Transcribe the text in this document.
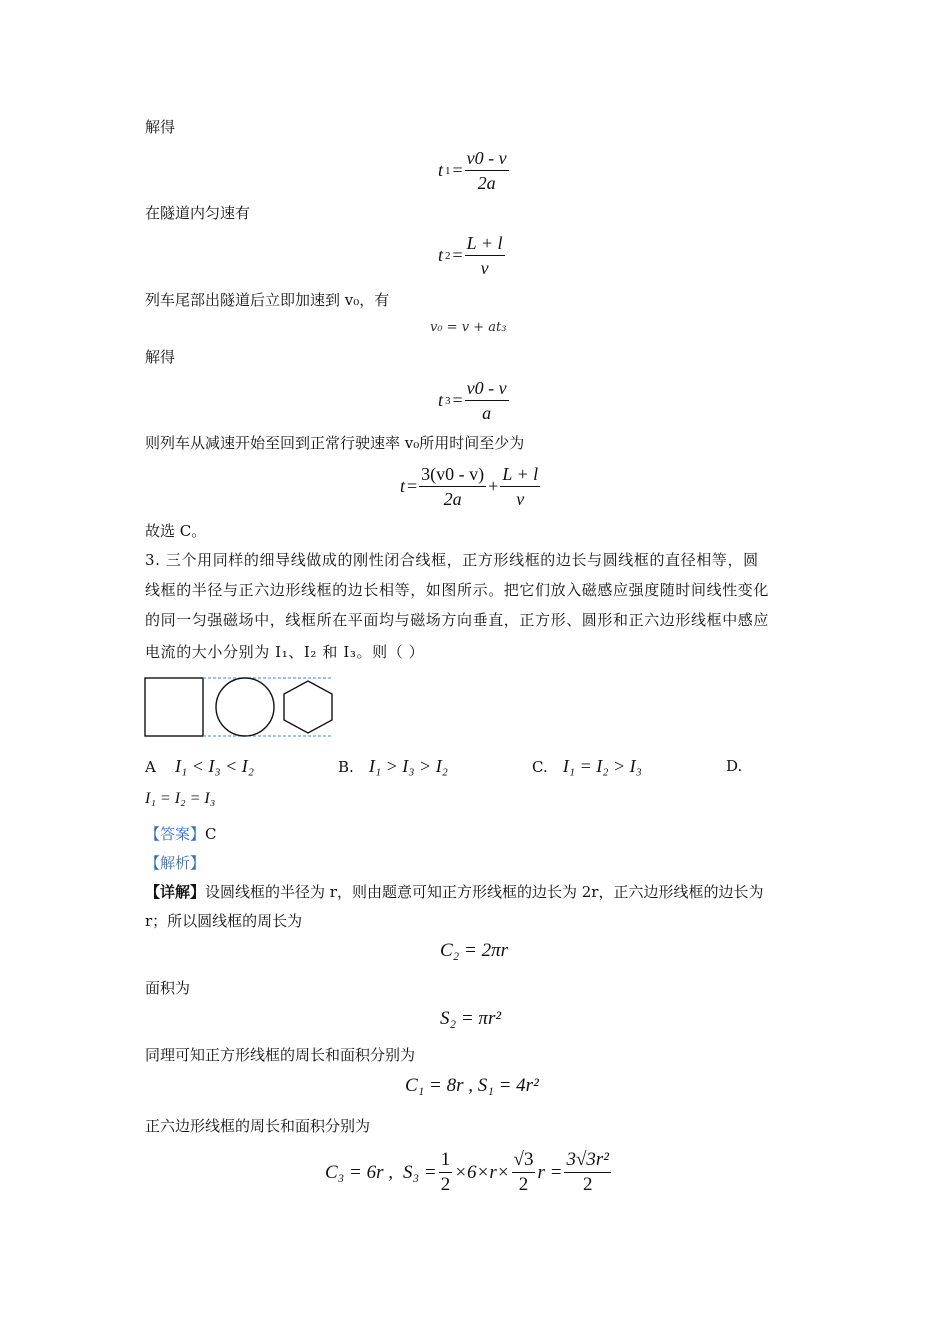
解得
t $1 = \frac{v0 - v}{2a}$
在隧道内匀速有
t $2 = \frac{L + l}{v}$
列车尾部出隧道后立即加速到 v₀，有
v₀ = v + at₃
解得
t $3 = \frac{v0 - v}{a}$
则列车从减速开始至回到正常行驶速率 v₀所用时间至少为
$t = \frac{3(v0 - v)}{2a} + \frac{L + l}{v}$
故选 C。
3. 三个用同样的细导线做成的刚性闭合线框，正方形线框的边长与圆线框的直径相等，圆
线框的半径与正六边形线框的边长相等，如图所示。把它们放入磁感应强度随时间线性变化
的同一匀强磁场中，线框所在平面均与磁场方向垂直，正方形、圆形和正六边形线框中感应
电流的大小分别为 I₁、I₂ 和 I₃。则（ ）
A I₁ < I₃ < I₂	B. I₁ > I₃ > I₂	C. I₁ = I₂ > I₃	D.
I₁ = I₂ = I₃
【答案】C
【解析】
【详解】设圆线框的半径为 r，则由题意可知正方形线框的边长为 2r，正六边形线框的边长为
r；所以圆线框的周长为
C₂ = 2πr
面积为
S₂ = πr²
同理可知正方形线框的周长和面积分别为
C₁ = 8r , S₁ = 4r²
正六边形线框的周长和面积分别为
C₃ = 6r , $S_3 = \frac{1}{2} \times 6\times r\times \frac{√3}{2}$ $r = \frac{\text{3√3r²}}{2}$
